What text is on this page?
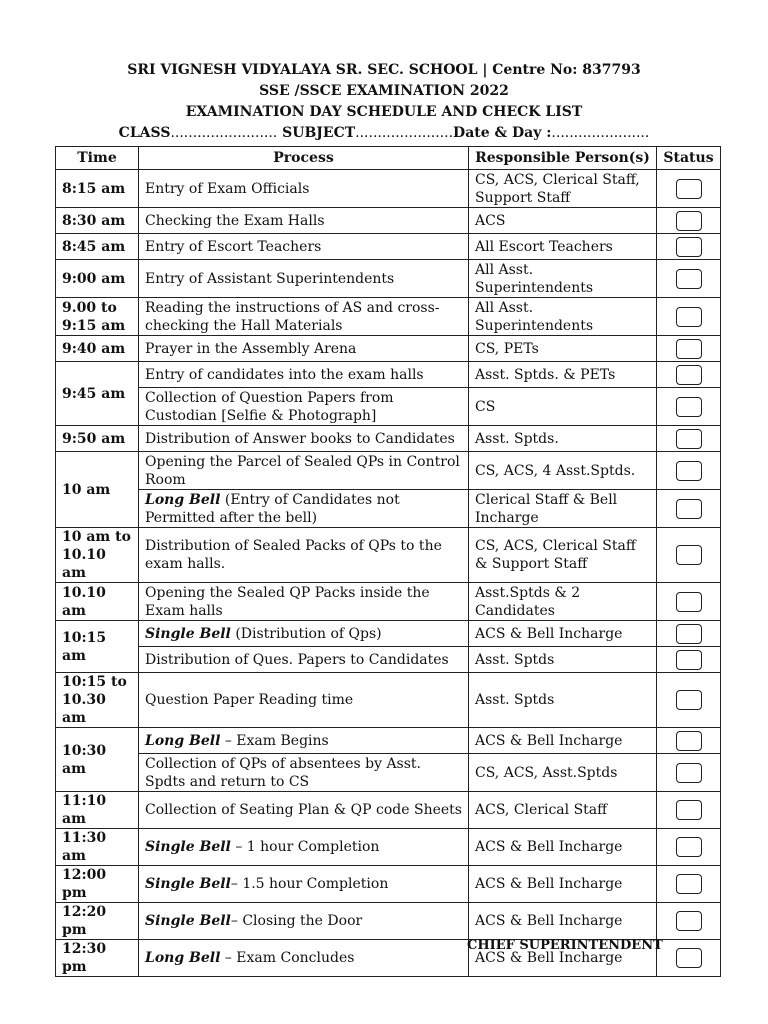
SRI VIGNESH VIDYALAYA SR. SEC. SCHOOL | Centre No: 837793
SSE /SSCE EXAMINATION 2022
EXAMINATION DAY SCHEDULE AND CHECK LIST
CLASS........................ SUBJECT......................Date & Day :......................
Time	Process	Responsible Person(s)	Status
8:15 am	Entry of Exam Officials	CS, ACS, Clerical Staff, Support Staff	
8:30 am	Checking the Exam Halls	ACS	
8:45 am	Entry of Escort Teachers	All Escort Teachers	
9:00 am	Entry of Assistant Superintendents	All Asst. Superintendents	
9.00 to 9:15 am	Reading the instructions of AS and cross-checking the Hall Materials	All Asst. Superintendents	
9:40 am	Prayer in the Assembly Arena	CS, PETs	
9:45 am	Entry of candidates into the exam halls	Asst. Sptds. & PETs	
	Collection of Question Papers from Custodian [Selfie & Photograph]	CS	
9:50 am	Distribution of Answer books to Candidates	Asst. Sptds.	
10 am	Opening the Parcel of Sealed QPs in Control Room	CS, ACS, 4 Asst.Sptds.	
	Long Bell (Entry of Candidates not Permitted after the bell)	Clerical Staff & Bell Incharge	
10 am to 10.10 am	Distribution of Sealed Packs of QPs to the exam halls.	CS, ACS, Clerical Staff & Support Staff	
10.10 am	Opening the Sealed QP Packs inside the Exam halls	Asst.Sptds & 2 Candidates	
10:15 am	Single Bell (Distribution of Qps)	ACS & Bell Incharge	
	Distribution of Ques. Papers to Candidates	Asst. Sptds	
10:15 to 10.30 am	Question Paper Reading time	Asst. Sptds	
10:30 am	Long Bell – Exam Begins	ACS & Bell Incharge	
	Collection of QPs of absentees by Asst. Spdts and return to CS	CS, ACS, Asst.Sptds	
11:10 am	Collection of Seating Plan & QP code Sheets	ACS, Clerical Staff	
11:30 am	Single Bell – 1 hour Completion	ACS & Bell Incharge	
12:00 pm	Single Bell– 1.5 hour Completion	ACS & Bell Incharge	
12:20 pm	Single Bell– Closing the Door	ACS & Bell Incharge	
12:30 pm	Long Bell – Exam Concludes	ACS & Bell Incharge	
CHIEF SUPERINTENDENT
